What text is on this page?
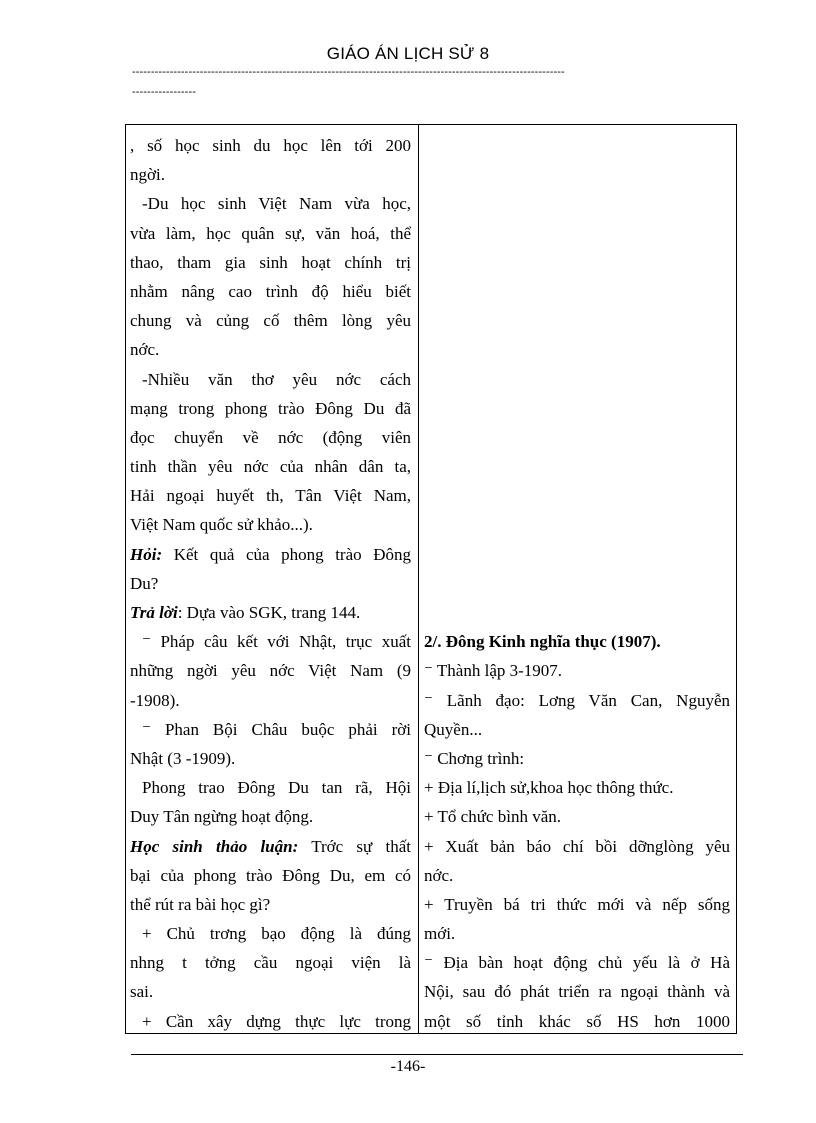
GIÁO ÁN LỊCH SỬ 8
-------------------------------------------------------------------------------------------------------------------
-----------------
, số học sinh du học lên tới 200
ngời.
-Du học sinh Việt Nam vừa học,
vừa làm, học quân sự, văn hoá, thể
thao, tham gia sinh hoạt chính trị
nhằm nâng cao trình độ hiểu biết
chung và củng cố thêm lòng yêu
nớc.
-Nhiều văn thơ yêu nớc cách
mạng trong phong trào Đông Du đã
đọc chuyển về nớc (động viên
tinh thần yêu nớc của nhân dân ta,
Hải ngoại huyết th, Tân Việt Nam,
Việt Nam quốc sử khảo...).
Hỏi: Kết quả của phong trào Đông
Du?
Trả lời: Dựa vào SGK, trang 144.
⁻ Pháp câu kết với Nhật, trục xuất
những ngời yêu nớc Việt Nam (9
-1908).
⁻ Phan Bội Châu buộc phải rời
Nhật (3 -1909).
Phong trao Đông Du tan rã, Hội
Duy Tân ngừng hoạt động.
Học sinh thảo luận: Trớc sự thất
bại của phong trào Đông Du, em có
thể rút ra bài học gì?
+ Chủ trơng bạo động là đúng
nhng t tởng cầu ngoại viện là
sai.
+ Cần xây dựng thực lực trong
2/. Đông Kinh nghĩa thục (1907).
⁻ Thành lập 3-1907.
⁻ Lãnh đạo: Lơng Văn Can, Nguyễn
Quyền...
⁻ Chơng trình:
+ Địa lí,lịch sử,khoa học thông thức.
+ Tổ chức bình văn.
+ Xuất bản báo chí bồi dỡnglòng yêu
nớc.
+ Truyền bá tri thức mới và nếp sống
mới.
⁻ Địa bàn hoạt động chủ yếu là ở Hà
Nội, sau đó phát triển ra ngoại thành và
một số tỉnh khác số HS hơn 1000
-146-
